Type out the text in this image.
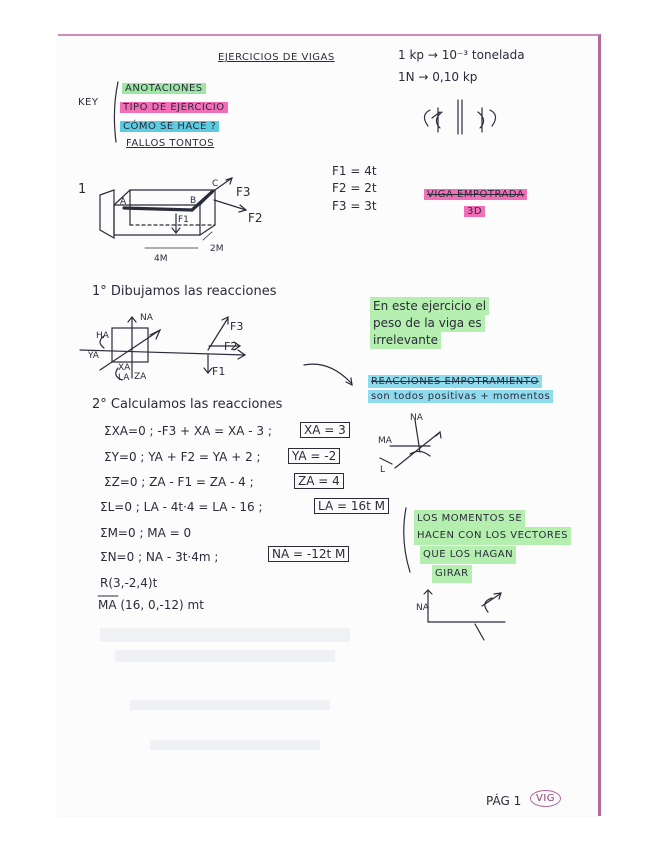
EJERCICIOS DE VIGAS	1 kp → 10⁻³ tonelada
1N → 0,10 kp
KEY
ANOTACIONES
TIPO DE EJERCICIO
CÓMO SE HACE ?
FALLOS TONTOS
1
F1 = 4t
F2 = 2t
F3 = 3t
VIGA EMPOTRADA
3D
1° Dibujamos las reacciones
En este ejercicio el
peso de la viga es
irrelevante
REACCIONES EMPOTRAMIENTO
son todos positivas + momentos
2° Calculamos las reacciones
ΣXA=0 ; -F3 + XA = XA - 3 ;	XA = 3
ΣY=0 ; YA + F2 = YA + 2 ;	YA = -2
ΣZ=0 ; ZA - F1 = ZA - 4 ;	ZA = 4
ΣL=0 ; LA - 4t·4 = LA - 16 ;	LA = 16t M
ΣM=0 ; MA = 0
ΣN=0 ; NA - 3t·4m ;	NA = -12t M
R(3,-2,4)t
MA (16, 0,-12) mt
LOS MOMENTOS SE
HACEN CON LOS VECTORES
QUE LOS HAGAN
GIRAR
PÁG 1	VIG
A	B
C
F3
F2
F1
4M
2M
NA
HA
YA
XA
LA ZA
F3
F2
F1
NA
MA
L
NA
